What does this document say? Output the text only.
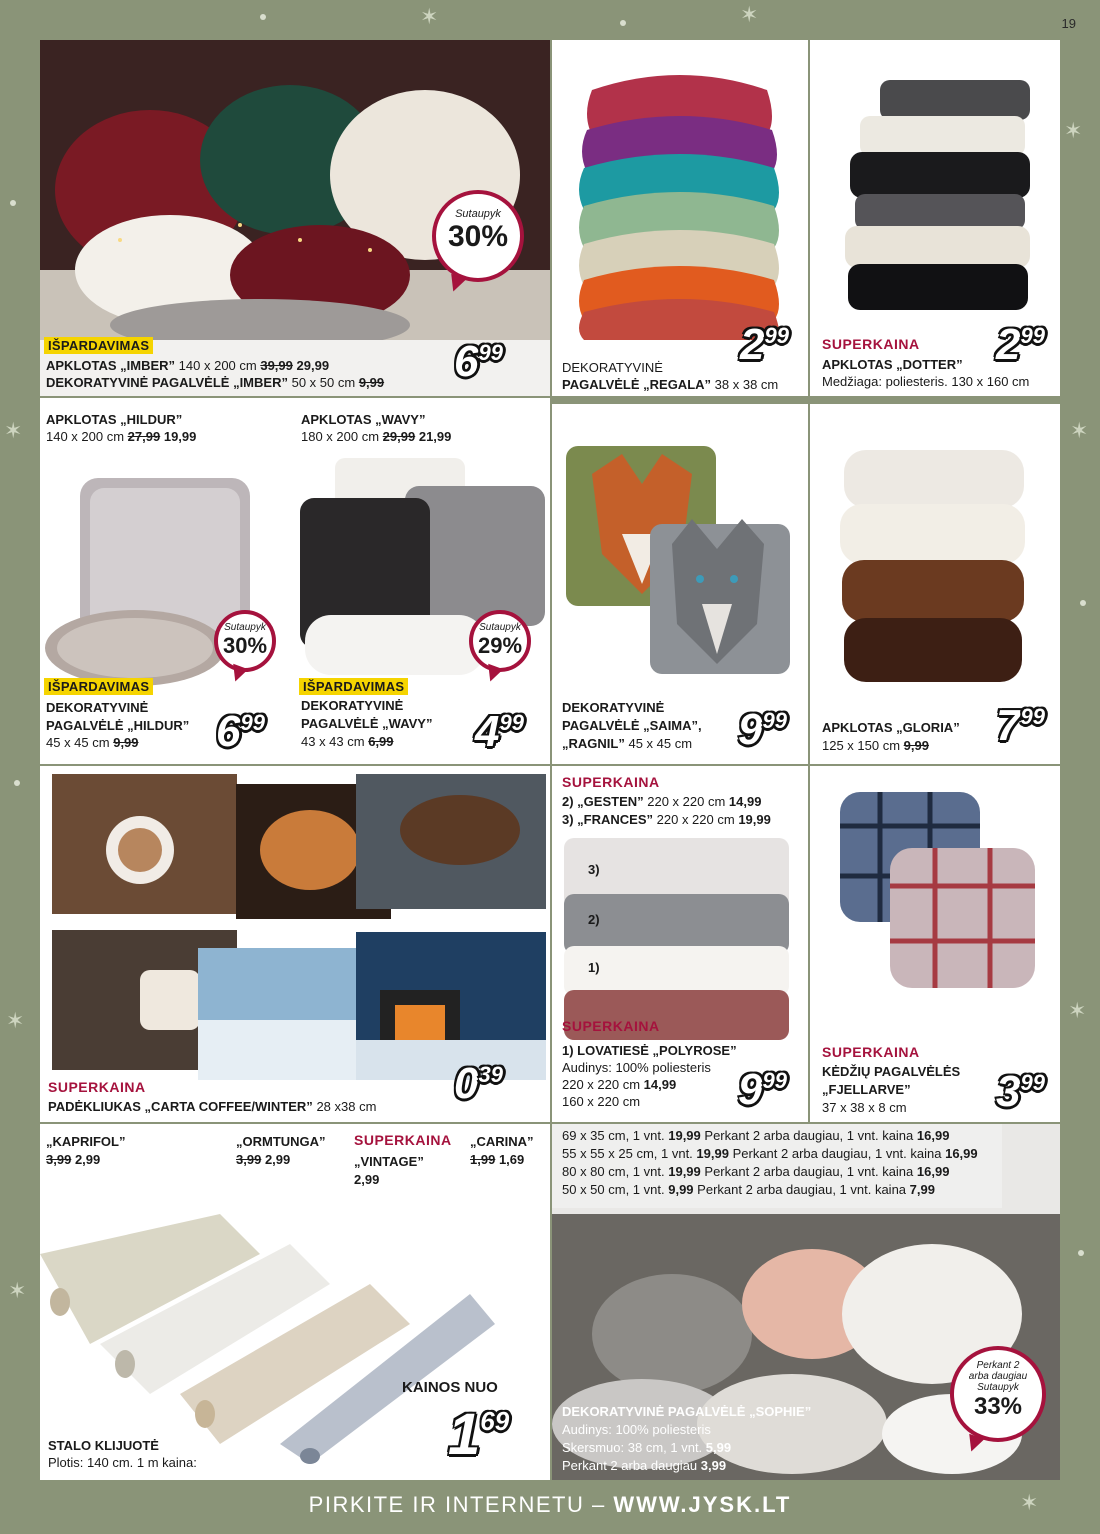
✶
✶
✶
✶
✶
✶
✶	✶
✶
19
Sutaupyk
30%
IŠPARDAVIMAS
APKLOTAS „IMBER” 140 x 200 cm 39,99 29,99
DEKORATYVINĖ PAGALVĖLĖ „IMBER” 50 x 50 cm 9,99	699	299
DEKORATYVINĖ
PAGALVĖLĖ „REGALA” 38 x 38 cm
SUPERKAINA 299
APKLOTAS „DOTTER”
Medžiaga: poliesteris. 130 x 160 cm
APKLOTAS „HILDUR”
140 x 200 cm 27,99 19,99
Sutaupyk
30%
IŠPARDAVIMAS
DEKORATYVINĖ
PAGALVĖLĖ „HILDUR”
45 x 45 cm 9,99 699
APKLOTAS „WAVY”
180 x 200 cm 29,99 21,99
Sutaupyk
29%
IŠPARDAVIMAS
DEKORATYVINĖ
PAGALVĖLĖ „WAVY”
43 x 43 cm 6,99 499
DEKORATYVINĖ
PAGALVĖLĖ „SAIMA”,
„RAGNIL” 45 x 45 cm 999	APKLOTAS „GLORIA”
125 x 150 cm 9,99 799
SUPERKAINA
PADĖKLIUKAS „CARTA COFFEE/WINTER” 28 x38 cm	039
SUPERKAINA
2) „GESTEN” 220 x 220 cm 14,99
3) „FRANCES” 220 x 220 cm 19,99
3)
2)
1)
SUPERKAINA
1) LOVATIESĖ „POLYROSE”
Audinys: 100% poliesteris
220 x 220 cm 14,99
160 x 220 cm 999
SUPERKAINA
KĖDŽIŲ PAGALVĖLĖS
„FJELLARVE”
37 x 38 x 8 cm 399
„KAPRIFOL”
3,99 2,99
„ORMTUNGA”
3,99 2,99
SUPERKAINA
„VINTAGE”
2,99
„CARINA”
1,99 1,69
KAINOS NUO
STALO KLIJUOTĖ
Plotis: 140 cm. 1 m kaina:	169
69 x 35 cm, 1 vnt. 19,99 Perkant 2 arba daugiau, 1 vnt. kaina 16,99
55 x 55 x 25 cm, 1 vnt. 19,99 Perkant 2 arba daugiau, 1 vnt. kaina 16,99
80 x 80 cm, 1 vnt. 19,99 Perkant 2 arba daugiau, 1 vnt. kaina 16,99
50 x 50 cm, 1 vnt. 9,99 Perkant 2 arba daugiau, 1 vnt. kaina 7,99
Perkant 2
arba daugiau
Sutaupyk
33%
DEKORATYVINĖ PAGALVĖLĖ „SOPHIE”
Audinys: 100% poliesteris
Skersmuo: 38 cm, 1 vnt. 5,99
Perkant 2 arba daugiau 3,99
PIRKITE IR INTERNETU – WWW.JYSK.LT
